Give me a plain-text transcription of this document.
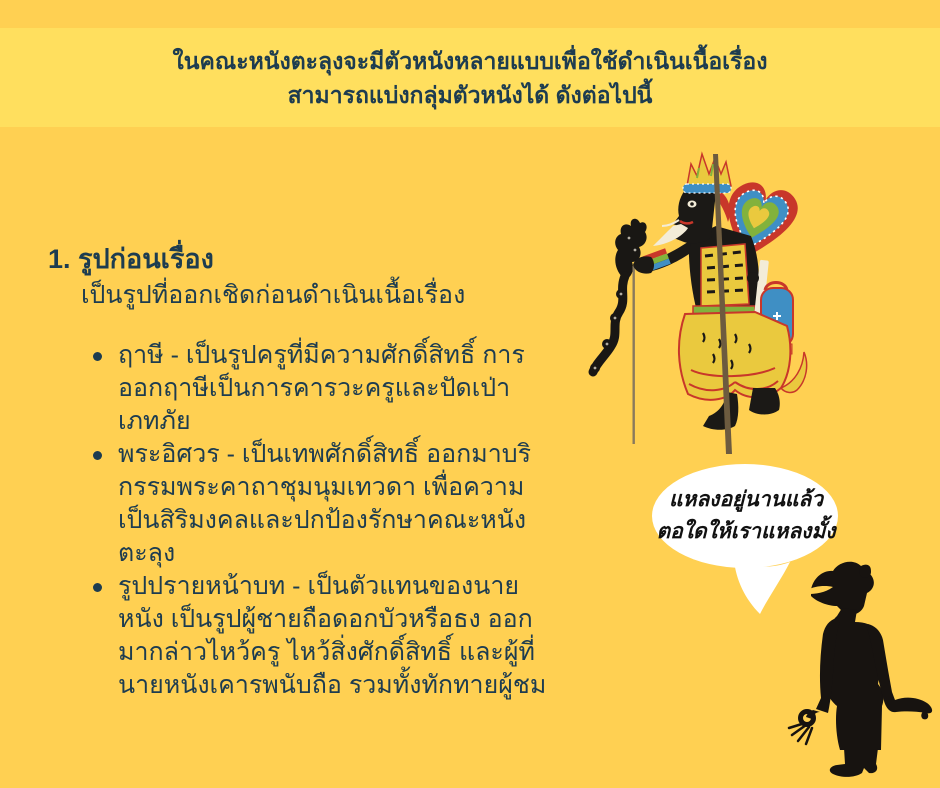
ในคณะหนังตะลุงจะมีตัวหนังหลายแบบเพื่อใช้ดำเนินเนื้อเรื่อง

สามารถแบ่งกลุ่มตัวหนังได้ ดังต่อไปนี้

1. รูปก่อนเรื่อง

เป็นรูปที่ออกเชิดก่อนดำเนินเนื้อเรื่อง

ฤาษี - เป็นรูปครูที่มีความศักดิ์สิทธิ์ การออกฤาษีเป็นการคารวะครูและปัดเป่าเภทภัย
พระอิศวร - เป็นเทพศักดิ์สิทธิ์ ออกมาบริกรรมพระคาถาชุมนุมเทวดา เพื่อความเป็นสิริมงคลและปกป้องรักษาคณะหนังตะลุง
รูปปรายหน้าบท - เป็นตัวแทนของนายหนัง เป็นรูปผู้ชายถือดอกบัวหรือธง ออกมากล่าวไหว้ครู ไหว้สิ่งศักดิ์สิทธิ์ และผู้ที่นายหนังเคารพนับถือ รวมทั้งทักทายผู้ชม
แหลงอยู่นานแล้ว
ตอใดให้เราแหลงมั้ง
